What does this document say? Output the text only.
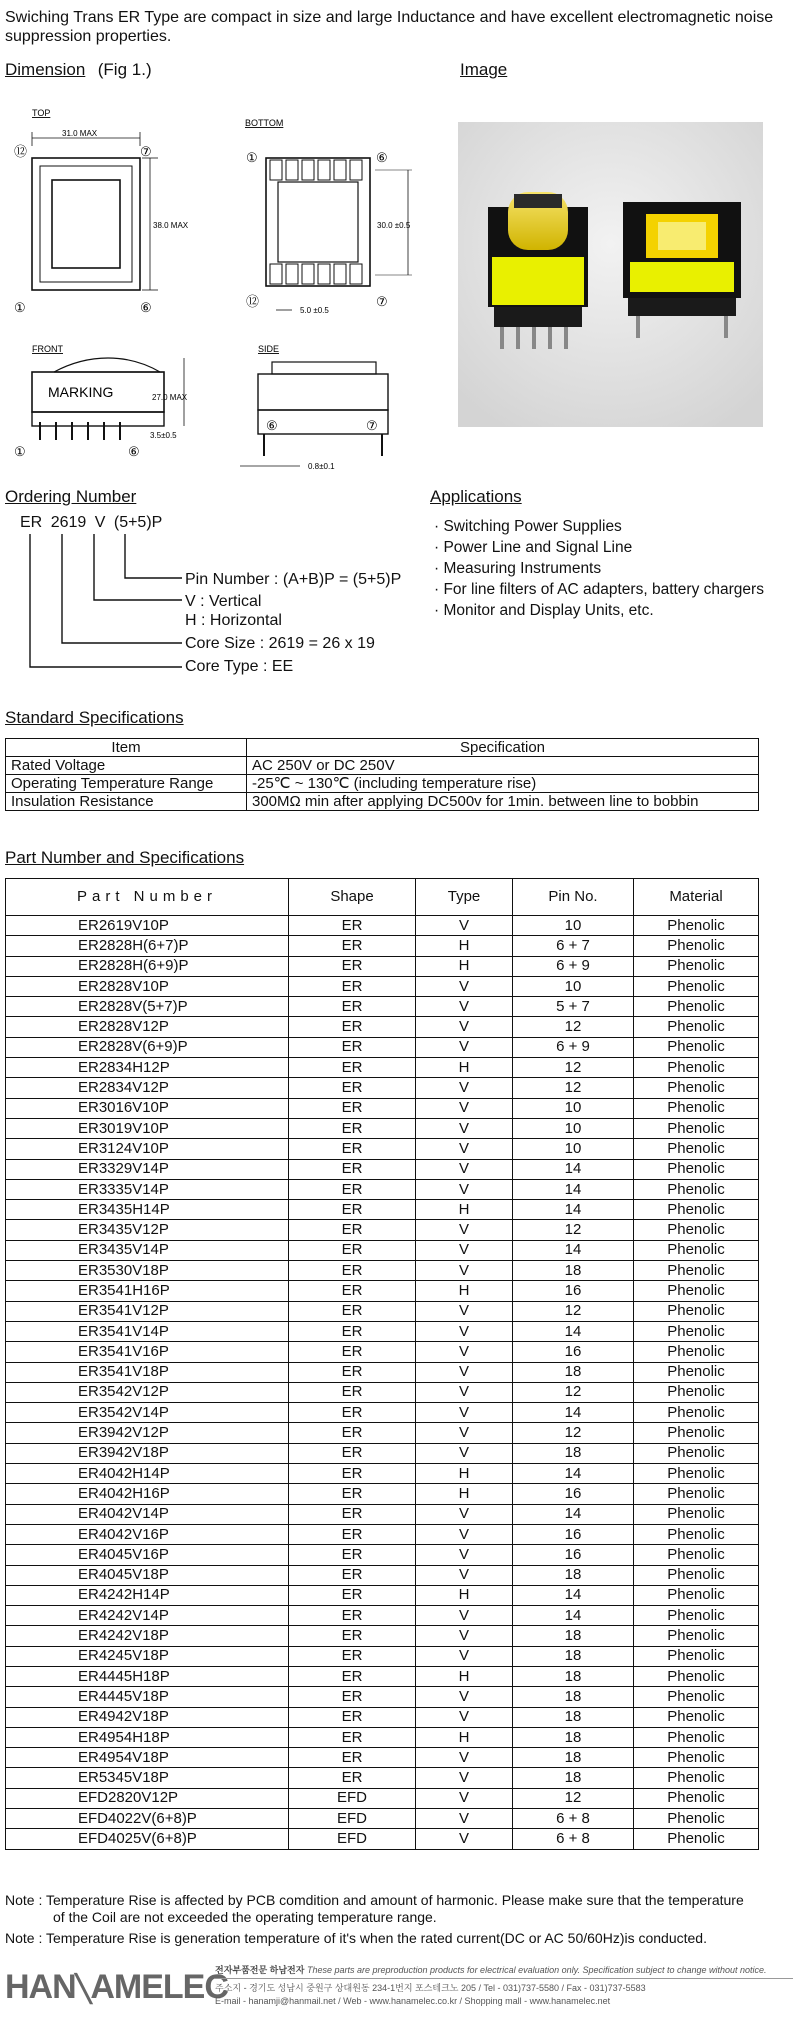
Swiching Trans ER Type are compact in size and large Inductance and have excellent electromagnetic noise suppression properties.
Dimension (Fig 1.)	Image
TOP
31.0 MAX
38.0 MAX
⑫	⑦
①	⑥
BOTTOM
30.0 ±0.5
①	⑥
⑫	⑦
5.0 ±0.5
FRONT
MARKING	27.0 MAX
3.5±0.5
①	⑥
SIDE
⑥	⑦
0.8±0.1
Ordering Number
ER 2619 V (5+5)P
Pin Number : (A+B)P = (5+5)P
V : Vertical
H : Horizontal
Core Size : 2619 = 26 x 19
Core Type : EE
Applications
· Switching Power Supplies
· Power Line and Signal Line
· Measuring Instruments
· For line filters of AC adapters, battery chargers
· Monitor and Display Units, etc.
Standard Specifications
Item	Specification
Rated Voltage	AC 250V or DC 250V
Operating Temperature Range	-25℃ ~ 130℃ (including temperature rise)
Insulation Resistance	300MΩ min after applying DC500v for 1min. between line to bobbin
Part Number and Specifications
Part Number	Shape	Type	Pin No.	Material
ER2619V10P	ER	V	10	Phenolic
ER2828H(6+7)P	ER	H	6 + 7	Phenolic
ER2828H(6+9)P	ER	H	6 + 9	Phenolic
ER2828V10P	ER	V	10	Phenolic
ER2828V(5+7)P	ER	V	5 + 7	Phenolic
ER2828V12P	ER	V	12	Phenolic
ER2828V(6+9)P	ER	V	6 + 9	Phenolic
ER2834H12P	ER	H	12	Phenolic
ER2834V12P	ER	V	12	Phenolic
ER3016V10P	ER	V	10	Phenolic
ER3019V10P	ER	V	10	Phenolic
ER3124V10P	ER	V	10	Phenolic
ER3329V14P	ER	V	14	Phenolic
ER3335V14P	ER	V	14	Phenolic
ER3435H14P	ER	H	14	Phenolic
ER3435V12P	ER	V	12	Phenolic
ER3435V14P	ER	V	14	Phenolic
ER3530V18P	ER	V	18	Phenolic
ER3541H16P	ER	H	16	Phenolic
ER3541V12P	ER	V	12	Phenolic
ER3541V14P	ER	V	14	Phenolic
ER3541V16P	ER	V	16	Phenolic
ER3541V18P	ER	V	18	Phenolic
ER3542V12P	ER	V	12	Phenolic
ER3542V14P	ER	V	14	Phenolic
ER3942V12P	ER	V	12	Phenolic
ER3942V18P	ER	V	18	Phenolic
ER4042H14P	ER	H	14	Phenolic
ER4042H16P	ER	H	16	Phenolic
ER4042V14P	ER	V	14	Phenolic
ER4042V16P	ER	V	16	Phenolic
ER4045V16P	ER	V	16	Phenolic
ER4045V18P	ER	V	18	Phenolic
ER4242H14P	ER	H	14	Phenolic
ER4242V14P	ER	V	14	Phenolic
ER4242V18P	ER	V	18	Phenolic
ER4245V18P	ER	V	18	Phenolic
ER4445H18P	ER	H	18	Phenolic
ER4445V18P	ER	V	18	Phenolic
ER4942V18P	ER	V	18	Phenolic
ER4954H18P	ER	H	18	Phenolic
ER4954V18P	ER	V	18	Phenolic
ER5345V18P	ER	V	18	Phenolic
EFD2820V12P	EFD	V	12	Phenolic
EFD4022V(6+8)P	EFD	V	6 + 8	Phenolic
EFD4025V(6+8)P	EFD	V	6 + 8	Phenolic
Note : Temperature Rise is affected by PCB comdition and amount of harmonic. Please make sure that the temperature of the Coil are not exceeded the operating temperature range.
Note : Temperature Rise is generation temperature of it's when the rated current(DC or AC 50/60Hz)is conducted.
HAN╲AMELEC
전자부품전문 하남전자 These parts are preproduction products for electrical evaluation only. Specification subject to change without notice.
주소지 - 경기도 성남시 중원구 상대원동 234-1번지 포스테크노 205 / Tel - 031)737-5580 / Fax - 031)737-5583
E-mail - hanamji@hanmail.net / Web - www.hanamelec.co.kr / Shopping mall - www.hanamelec.net
